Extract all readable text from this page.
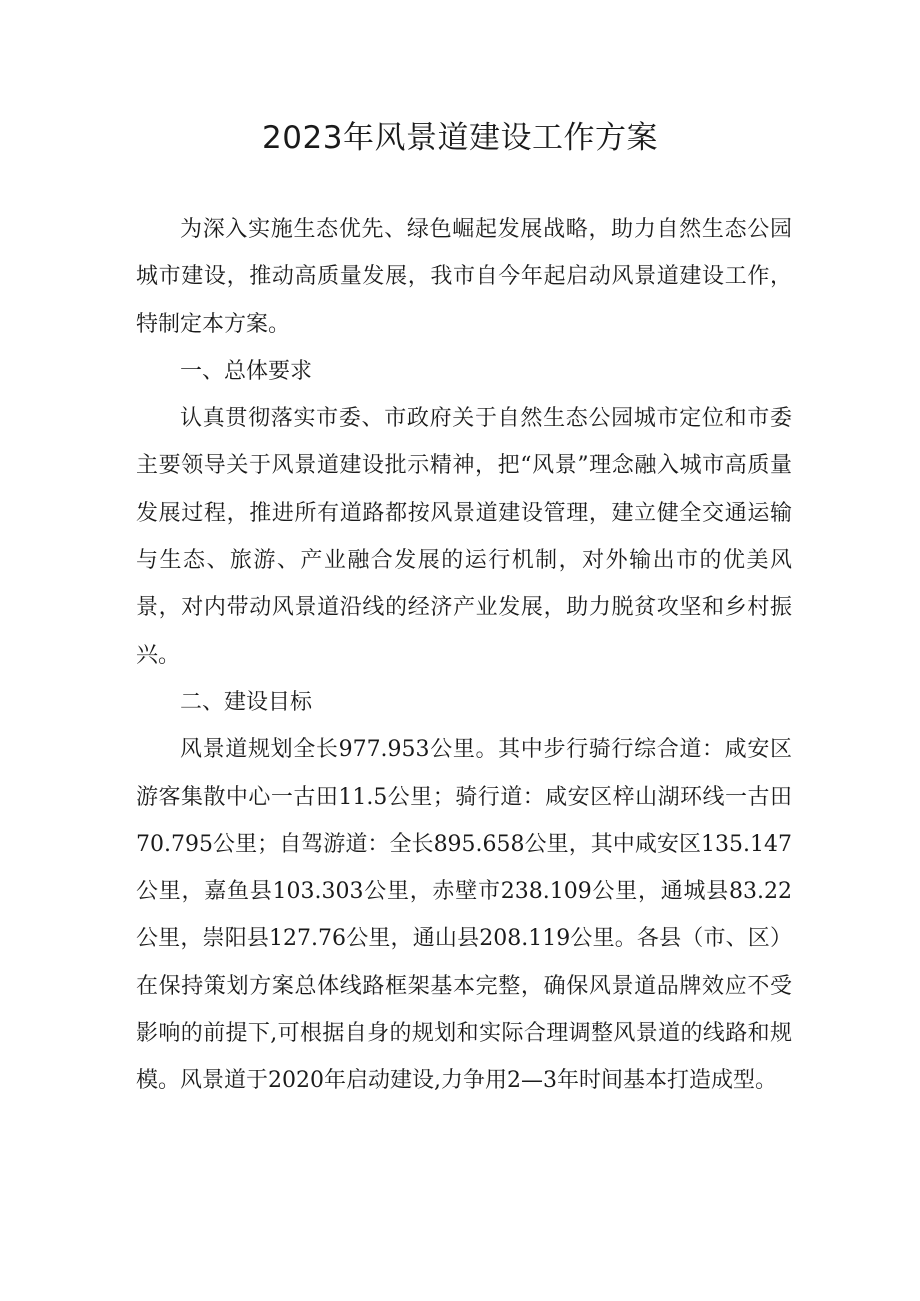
2023年风景道建设工作方案

为深入实施生态优先、绿色崛起发展战略，助力自然生态公园城市建设，推动高质量发展，我市自今年起启动风景道建设工作，特制定本方案。

一、总体要求

认真贯彻落实市委、市政府关于自然生态公园城市定位和市委主要领导关于风景道建设批示精神，把“风景”理念融入城市高质量发展过程，推进所有道路都按风景道建设管理，建立健全交通运输与生态、旅游、产业融合发展的运行机制，对外输出市的优美风景，对内带动风景道沿线的经济产业发展，助力脱贫攻坚和乡村振兴。

二、建设目标

风景道规划全长977.953公里。其中步行骑行综合道：咸安区游客集散中心一古田11.5公里；骑行道：咸安区梓山湖环线一古田70.795公里；自驾游道：全长895.658公里，其中咸安区135.147公里，嘉鱼县103.303公里，赤壁市238.109公里，通城县83.22公里，崇阳县127.76公里，通山县208.119公里。各县（市、区）在保持策划方案总体线路框架基本完整，确保风景道品牌效应不受影响的前提下,可根据自身的规划和实际合理调整风景道的线路和规模。风景道于2020年启动建设,力争用2—3年时间基本打造成型。
